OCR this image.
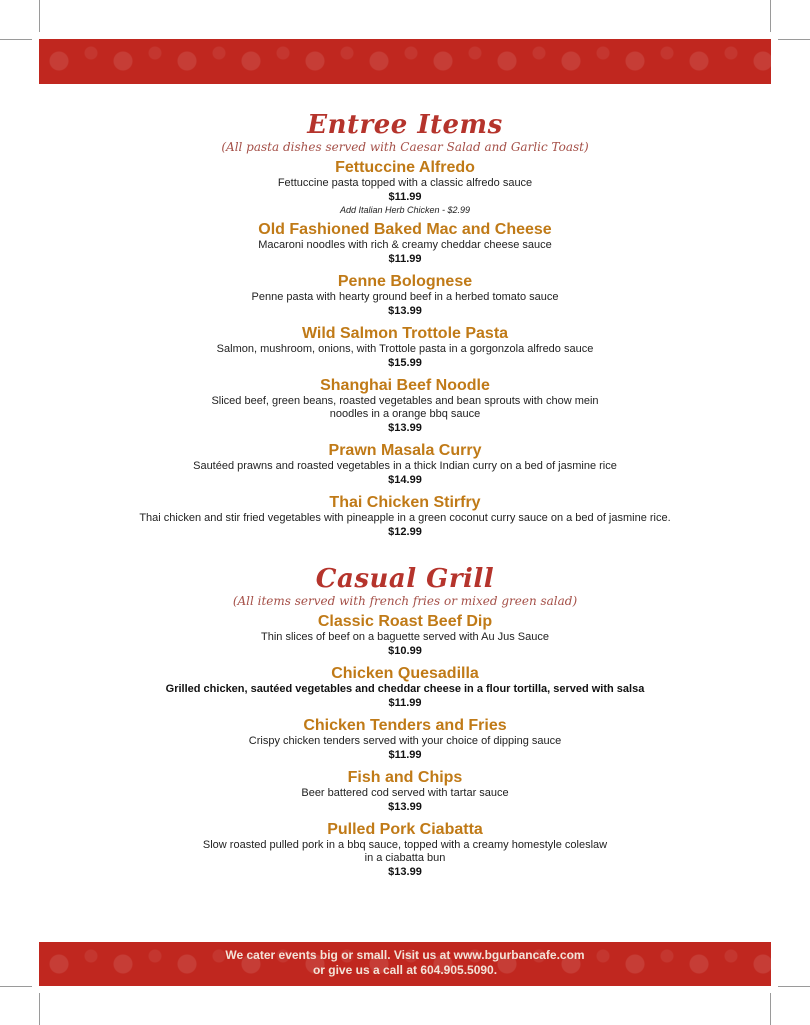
Entree Items

(All pasta dishes served with Caesar Salad and Garlic Toast)

Fettuccine Alfredo
Fettuccine pasta topped with a classic alfredo sauce
$11.99
Add Italian Herb Chicken - $2.99
Old Fashioned Baked Mac and Cheese
Macaroni noodles with rich & creamy cheddar cheese sauce
$11.99
Penne Bolognese
Penne pasta with hearty ground beef in a herbed tomato sauce
$13.99
Wild Salmon Trottole Pasta
Salmon, mushroom, onions, with Trottole pasta in a gorgonzola alfredo sauce
$15.99
Shanghai Beef Noodle
Sliced beef, green beans, roasted vegetables and bean sprouts with chow mein
noodles in a orange bbq sauce
$13.99
Prawn Masala Curry
Sautéed prawns and roasted vegetables in a thick Indian curry on a bed of jasmine rice
$14.99
Thai Chicken Stirfry
Thai chicken and stir fried vegetables with pineapple in a green coconut curry sauce on a bed of jasmine rice.
$12.99
Casual Grill

(All items served with french fries or mixed green salad)

Classic Roast Beef Dip
Thin slices of beef on a baguette served with Au Jus Sauce
$10.99
Chicken Quesadilla
Grilled chicken, sautéed vegetables and cheddar cheese in a flour tortilla, served with salsa
$11.99
Chicken Tenders and Fries
Crispy chicken tenders served with your choice of dipping sauce
$11.99
Fish and Chips
Beer battered cod served with tartar sauce
$13.99
Pulled Pork Ciabatta
Slow roasted pulled pork in a bbq sauce, topped with a creamy homestyle coleslaw
in a ciabatta bun
$13.99
We cater events big or small. Visit us at www.bgurbancafe.com
or give us a call at 604.905.5090.
